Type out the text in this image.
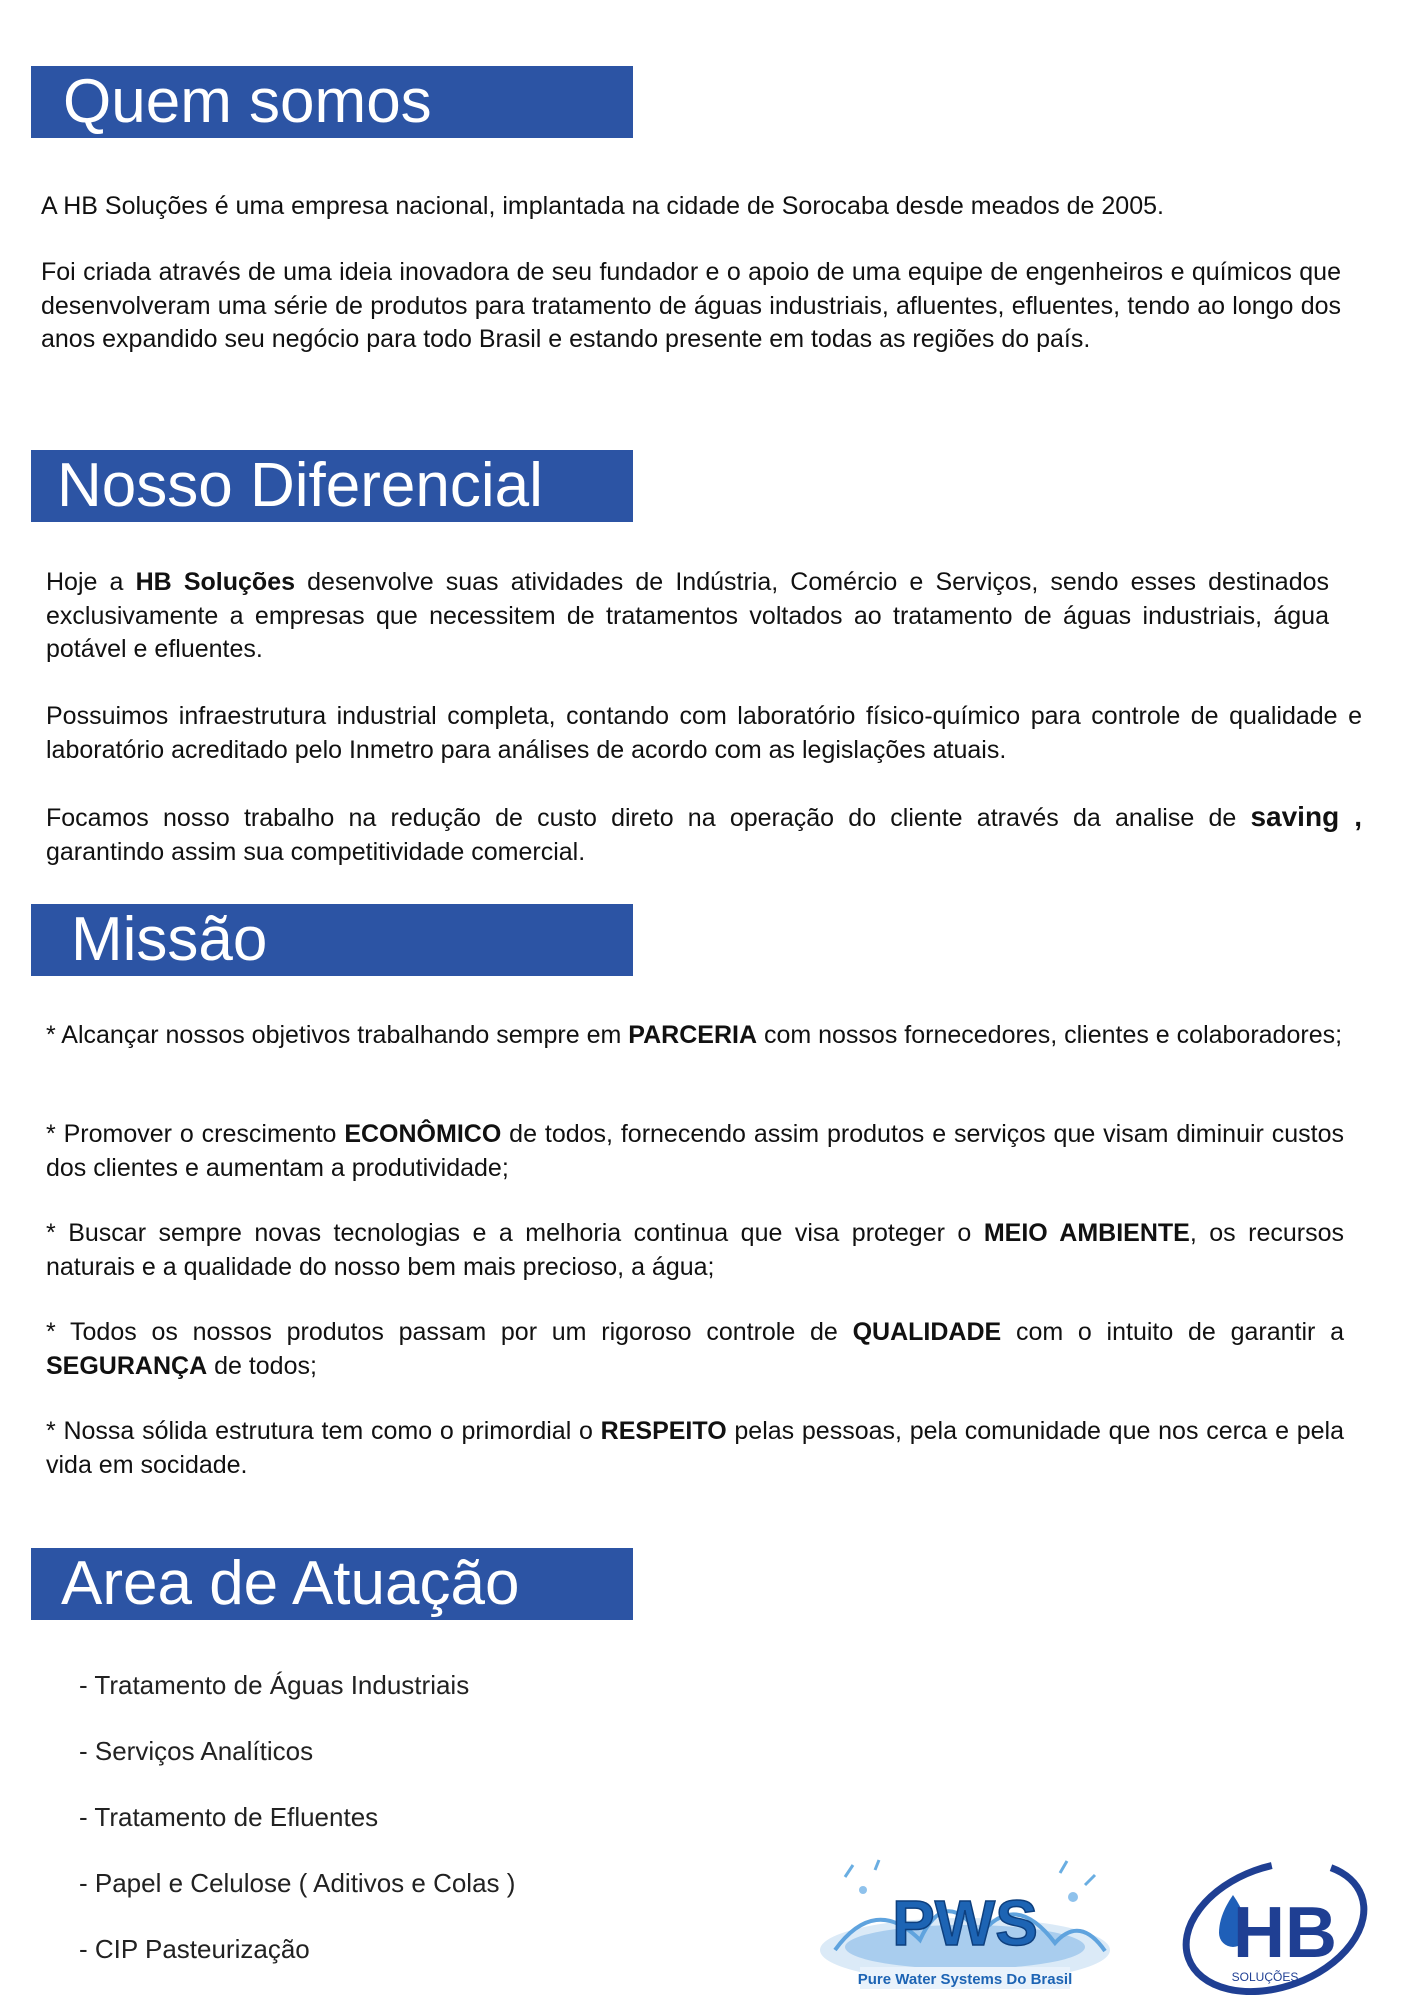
Quem somos

A HB Soluções é uma empresa nacional, implantada na cidade de Sorocaba desde meados de 2005.

Foi criada através de uma ideia inovadora de seu fundador e o apoio de uma equipe de engenheiros e químicos que desenvolveram uma série de produtos para tratamento de águas industriais, afluentes, efluentes, tendo ao longo dos anos expandido seu negócio para todo Brasil e estando presente em todas as regiões do país.

Nosso Diferencial

Hoje a HB Soluções desenvolve suas atividades de Indústria, Comércio e Serviços, sendo esses destinados exclusivamente a empresas que necessitem de tratamentos voltados ao tratamento de águas industriais, água potável e efluentes.

Possuimos infraestrutura industrial completa, contando com laboratório físico-químico para controle de qualidade e laboratório acreditado pelo Inmetro para análises de acordo com as legislações atuais.

Focamos nosso trabalho na redução de custo direto na operação do cliente através da analise de saving , garantindo assim sua competitividade comercial.

Missão

* Alcançar nossos objetivos trabalhando sempre em PARCERIA com nossos fornecedores, clientes e colaboradores;

* Promover o crescimento ECONÔMICO de todos, fornecendo assim produtos e serviços que visam diminuir custos dos clientes e aumentam a produtividade;

* Buscar sempre novas tecnologias e a melhoria continua que visa proteger o MEIO AMBIENTE, os recursos naturais e a qualidade do nosso bem mais precioso, a água;

* Todos os nossos produtos passam por um rigoroso controle de QUALIDADE com o intuito de garantir a SEGURANÇA de todos;

* Nossa sólida estrutura tem como o primordial o RESPEITO pelas pessoas, pela comunidade que nos cerca e pela vida em socidade.

Area de Atuação

- Tratamento de Águas Industriais

- Serviços Analíticos

- Tratamento de Efluentes

- Papel e Celulose ( Aditivos e Colas )

- CIP Pasteurização	PWS
Pure Water Systems Do Brasil
HB
SOLUÇÕES
